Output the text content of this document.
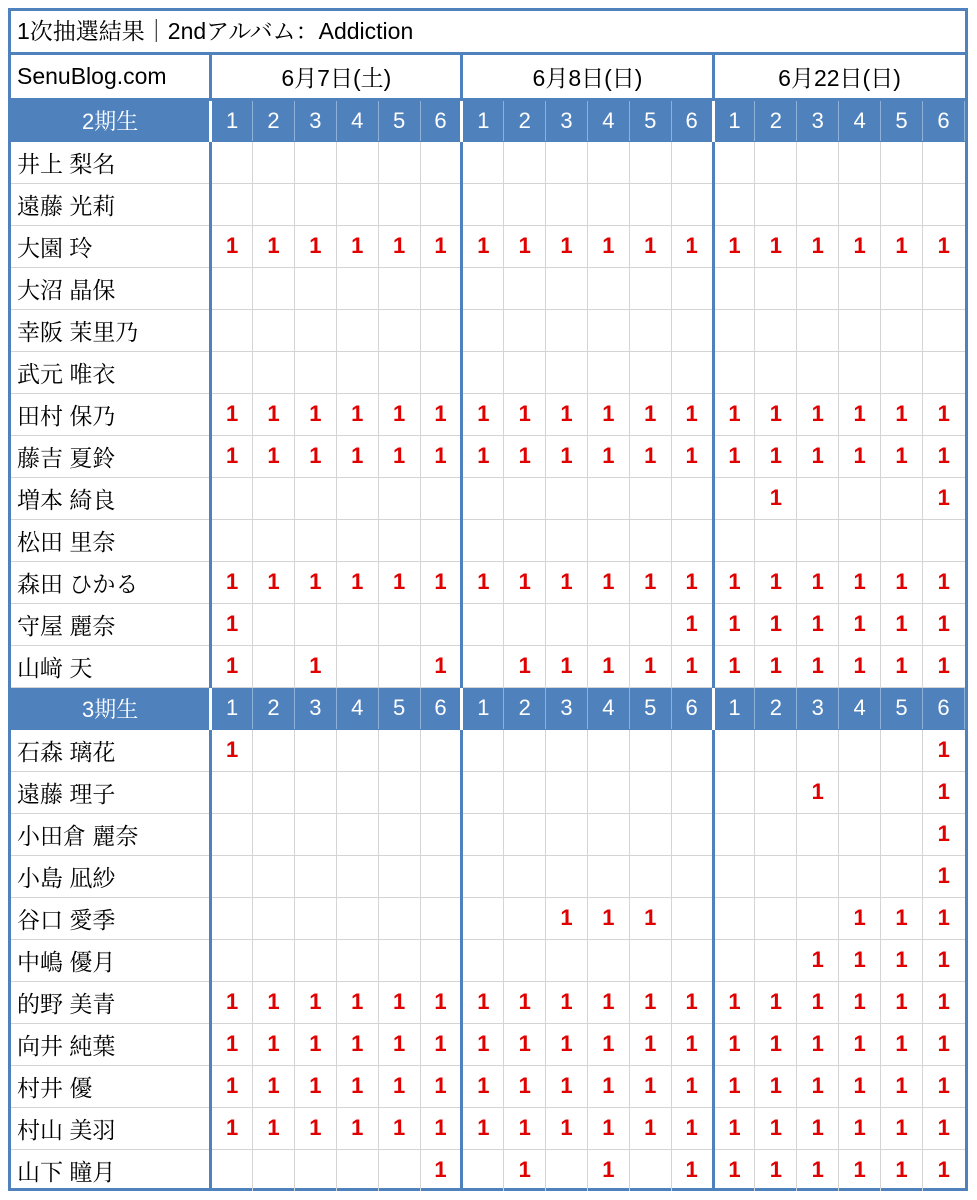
1次抽選結果｜2ndアルバム：Addiction
SenuBlog.com	6月7日(土)						6月8日(日)						6月22日(日)					
2期生	1	2	3	4	5	6	1	2	3	4	5	6	1	2	3	4	5	6
井上 梨名																		
遠藤 光莉																		
大園 玲	1	1	1	1	1	1	1	1	1	1	1	1	1	1	1	1	1	1
大沼 晶保																		
幸阪 茉里乃																		
武元 唯衣																		
田村 保乃	1	1	1	1	1	1	1	1	1	1	1	1	1	1	1	1	1	1
藤吉 夏鈴	1	1	1	1	1	1	1	1	1	1	1	1	1	1	1	1	1	1
増本 綺良														1				1
松田 里奈																		
森田 ひかる	1	1	1	1	1	1	1	1	1	1	1	1	1	1	1	1	1	1
守屋 麗奈	1											1	1	1	1	1	1	1
山﨑 天	1		1			1		1	1	1	1	1	1	1	1	1	1	1
3期生	1	2	3	4	5	6	1	2	3	4	5	6	1	2	3	4	5	6
石森 璃花	1																	1
遠藤 理子															1			1
小田倉 麗奈																		1
小島 凪紗																		1
谷口 愛季									1	1	1					1	1	1
中嶋 優月															1	1	1	1
的野 美青	1	1	1	1	1	1	1	1	1	1	1	1	1	1	1	1	1	1
向井 純葉	1	1	1	1	1	1	1	1	1	1	1	1	1	1	1	1	1	1
村井 優	1	1	1	1	1	1	1	1	1	1	1	1	1	1	1	1	1	1
村山 美羽	1	1	1	1	1	1	1	1	1	1	1	1	1	1	1	1	1	1
山下 瞳月						1		1		1		1	1	1	1	1	1	1
